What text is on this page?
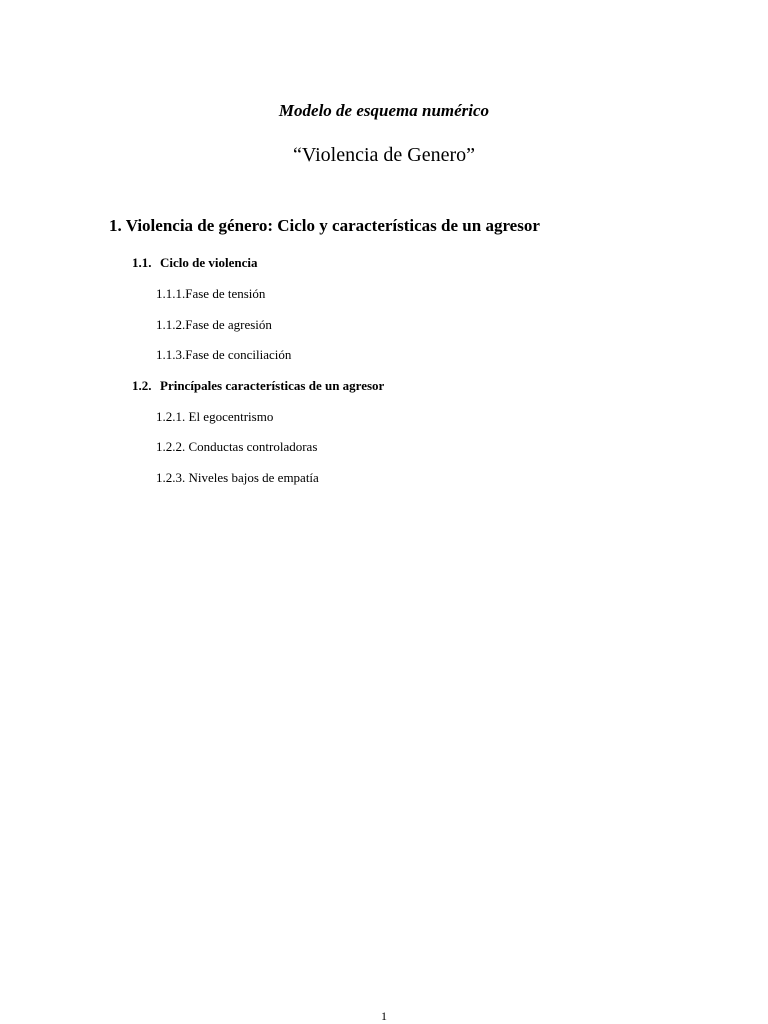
Modelo de esquema numérico

“Violencia de Genero”

1. Violencia de género: Ciclo y características de un agresor

1.1. Ciclo de violencia

1.1.1.Fase de tensión

1.1.2.Fase de agresión

1.1.3.Fase de conciliación

1.2. Princípales características de un agresor

1.2.1. El egocentrismo

1.2.2. Conductas controladoras

1.2.3. Niveles bajos de empatía

1
